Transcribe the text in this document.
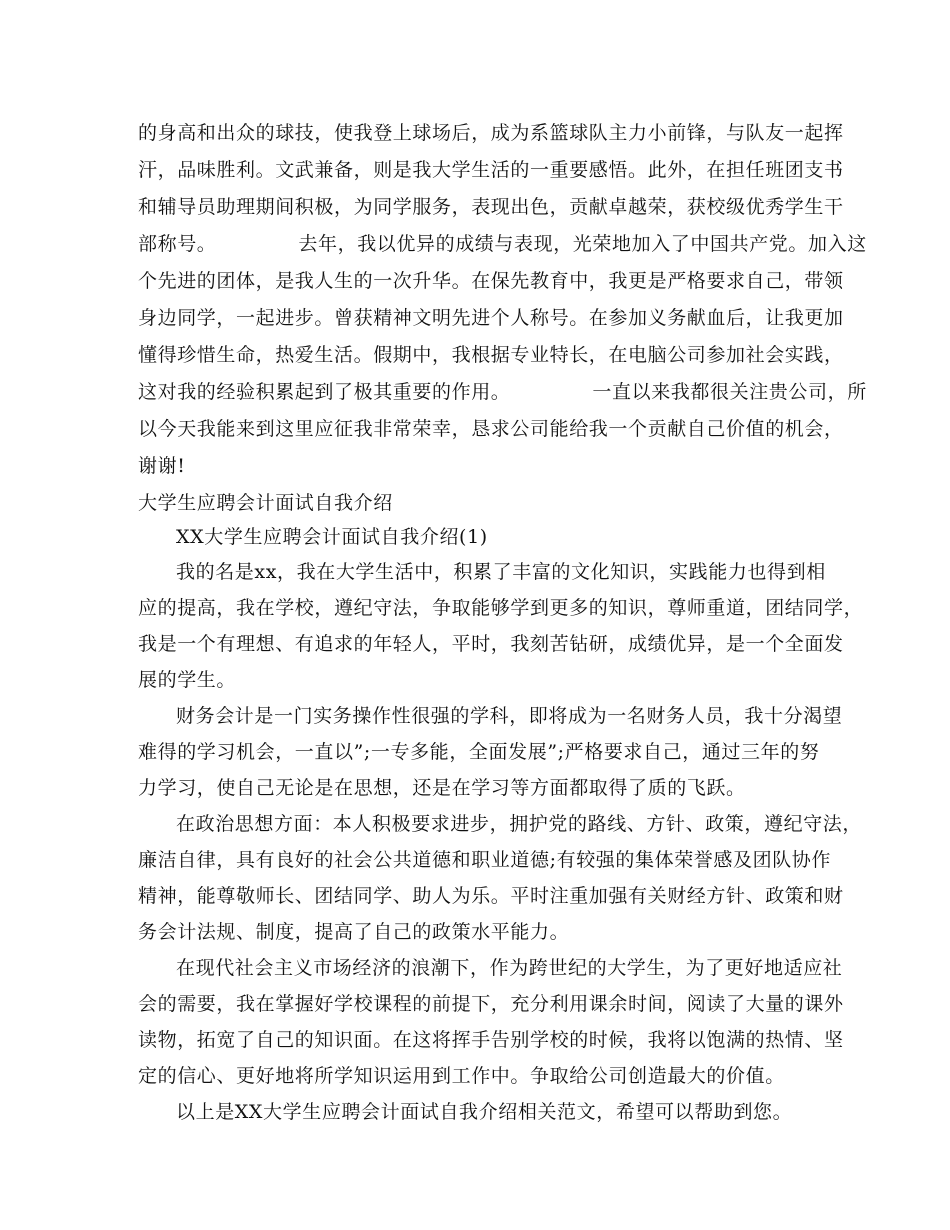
的身高和出众的球技，使我登上球场后，成为系篮球队主力小前锋，与队友一起挥
汗，品味胜利。文武兼备，则是我大学生活的一重要感悟。此外，在担任班团支书
和辅导员助理期间积极，为同学服务，表现出色，贡献卓越荣，获校级优秀学生干
部称号。	去年，我以优异的成绩与表现，光荣地加入了中国共产党。加入这
个先进的团体，是我人生的一次升华。在保先教育中，我更是严格要求自己，带领
身边同学，一起进步。曾获精神文明先进个人称号。在参加义务献血后，让我更加
懂得珍惜生命，热爱生活。假期中，我根据专业特长，在电脑公司参加社会实践，
这对我的经验积累起到了极其重要的作用。	一直以来我都很关注贵公司，所
以今天我能来到这里应征我非常荣幸，恳求公司能给我一个贡献自己价值的机会，
谢谢!
大学生应聘会计面试自我介绍
XX大学生应聘会计面试自我介绍(1)
我的名是xx，我在大学生活中，积累了丰富的文化知识，实践能力也得到相
应的提高，我在学校，遵纪守法，争取能够学到更多的知识，尊师重道，团结同学，
我是一个有理想、有追求的年轻人，平时，我刻苦钻研，成绩优异，是一个全面发
展的学生。
财务会计是一门实务操作性很强的学科，即将成为一名财务人员，我十分渴望
难得的学习机会，一直以”;一专多能，全面发展”;严格要求自己，通过三年的努
力学习，使自己无论是在思想，还是在学习等方面都取得了质的飞跃。
在政治思想方面：本人积极要求进步，拥护党的路线、方针、政策，遵纪守法，
廉洁自律，具有良好的社会公共道德和职业道德;有较强的集体荣誉感及团队协作
精神，能尊敬师长、团结同学、助人为乐。平时注重加强有关财经方针、政策和财
务会计法规、制度，提高了自己的政策水平能力。
在现代社会主义市场经济的浪潮下，作为跨世纪的大学生，为了更好地适应社
会的需要，我在掌握好学校课程的前提下，充分利用课余时间，阅读了大量的课外
读物，拓宽了自己的知识面。在这将挥手告别学校的时候，我将以饱满的热情、坚
定的信心、更好地将所学知识运用到工作中。争取给公司创造最大的价值。
以上是XX大学生应聘会计面试自我介绍相关范文，希望可以帮助到您。
